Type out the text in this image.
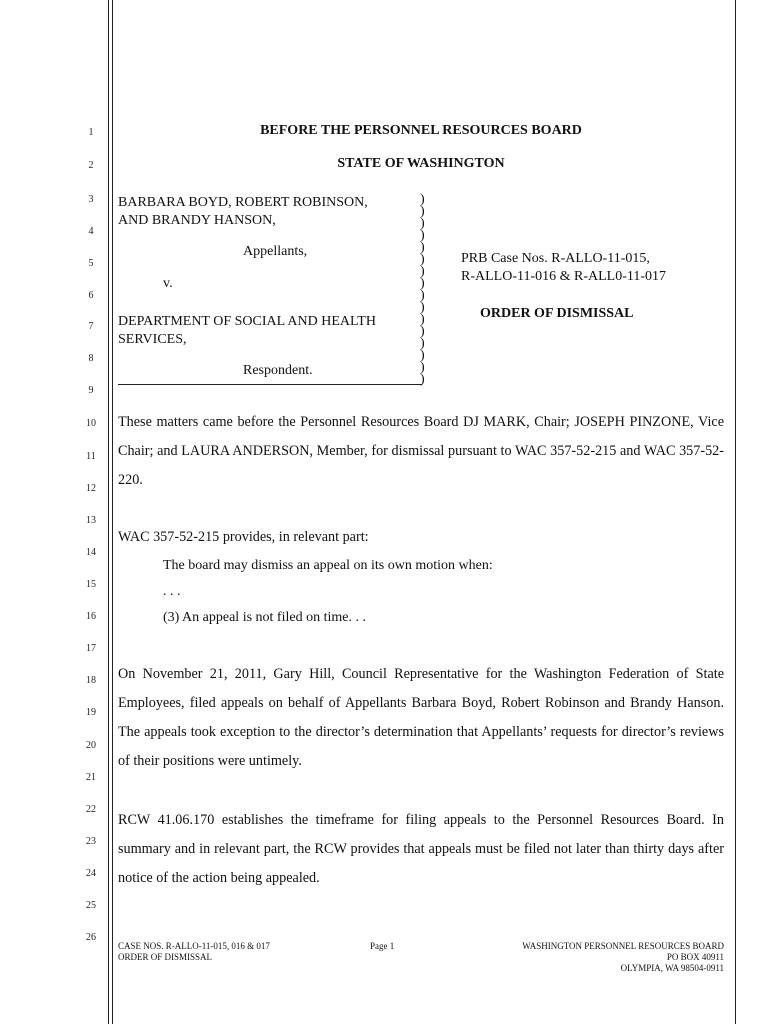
1
2
3
4
5
6
7
8
9
10
11
12
13
14
15
16
17
18
19
20
21
22
23
24
25
26
BEFORE THE PERSONNEL RESOURCES BOARD
STATE OF WASHINGTON
BARBARA BOYD, ROBERT ROBINSON,
AND BRANDY HANSON,
Appellants,
v.
DEPARTMENT OF SOCIAL AND HEALTH
SERVICES,
Respondent.
)
)
)
)
)
)
)
)
)
)
)
)
)
)
)
)
PRB Case Nos. R-ALLO-11-015,
R-ALLO-11-016 & R-ALL0-11-017
ORDER OF DISMISSAL
These matters came before the Personnel Resources Board DJ MARK, Chair; JOSEPH PINZONE, Vice Chair; and LAURA ANDERSON, Member, for dismissal pursuant to WAC 357-52-215 and WAC 357-52-220.
WAC 357-52-215 provides, in relevant part:
The board may dismiss an appeal on its own motion when:
. . .
(3) An appeal is not filed on time. . .
On November 21, 2011, Gary Hill, Council Representative for the Washington Federation of State Employees, filed appeals on behalf of Appellants Barbara Boyd, Robert Robinson and Brandy Hanson. The appeals took exception to the director’s determination that Appellants’ requests for director’s reviews of their positions were untimely.
RCW 41.06.170 establishes the timeframe for filing appeals to the Personnel Resources Board. In summary and in relevant part, the RCW provides that appeals must be filed not later than thirty days after notice of the action being appealed.
CASE NOS. R-ALLO-11-015, 016 & 017
ORDER OF DISMISSAL
Page 1	WASHINGTON PERSONNEL RESOURCES BOARD
PO BOX 40911
OLYMPIA, WA 98504-0911
